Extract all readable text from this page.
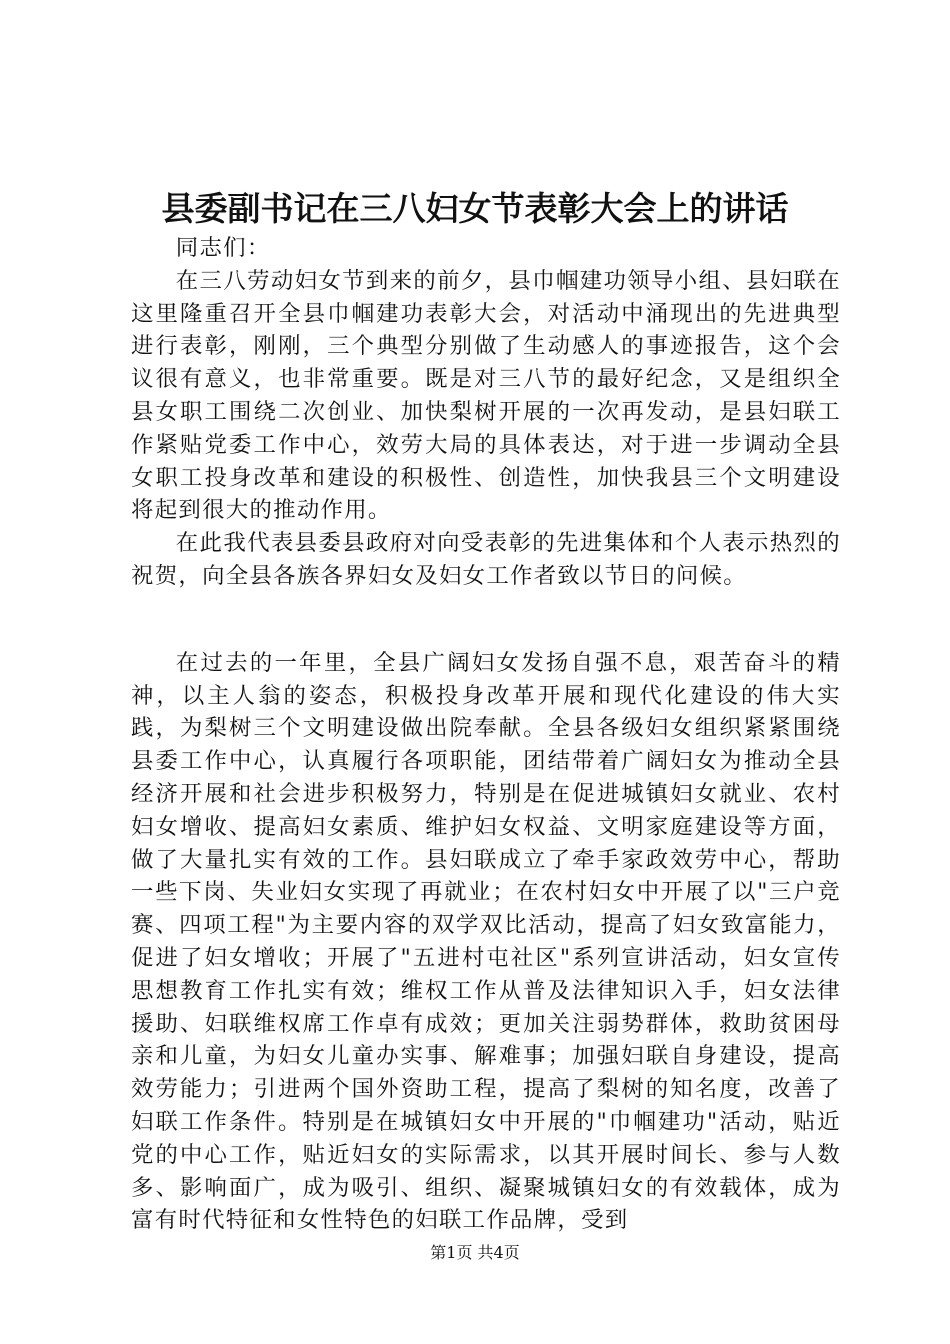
县委副书记在三八妇女节表彰大会上的讲话

同志们：

在三八劳动妇女节到来的前夕，县巾帼建功领导小组、县妇联在这里隆重召开全县巾帼建功表彰大会，对活动中涌现出的先进典型进行表彰，刚刚，三个典型分别做了生动感人的事迹报告，这个会议很有意义，也非常重要。既是对三八节的最好纪念，又是组织全县女职工围绕二次创业、加快梨树开展的一次再发动，是县妇联工作紧贴党委工作中心，效劳大局的具体表达，对于进一步调动全县女职工投身改革和建设的积极性、创造性，加快我县三个文明建设将起到很大的推动作用。

在此我代表县委县政府对向受表彰的先进集体和个人表示热烈的祝贺，向全县各族各界妇女及妇女工作者致以节日的问候。

在过去的一年里，全县广阔妇女发扬自强不息，艰苦奋斗的精神，以主人翁的姿态，积极投身改革开展和现代化建设的伟大实践，为梨树三个文明建设做出院奉献。全县各级妇女组织紧紧围绕县委工作中心，认真履行各项职能，团结带着广阔妇女为推动全县经济开展和社会进步积极努力，特别是在促进城镇妇女就业、农村妇女增收、提高妇女素质、维护妇女权益、文明家庭建设等方面，做了大量扎实有效的工作。县妇联成立了牵手家政效劳中心，帮助一些下岗、失业妇女实现了再就业；在农村妇女中开展了以"三户竞赛、四项工程"为主要内容的双学双比活动，提高了妇女致富能力，促进了妇女增收；开展了"五进村屯社区"系列宣讲活动，妇女宣传思想教育工作扎实有效；维权工作从普及法律知识入手，妇女法律援助、妇联维权席工作卓有成效；更加关注弱势群体，救助贫困母亲和儿童，为妇女儿童办实事、解难事；加强妇联自身建设，提高效劳能力；引进两个国外资助工程，提高了梨树的知名度，改善了妇联工作条件。特别是在城镇妇女中开展的"巾帼建功"活动，贴近党的中心工作，贴近妇女的实际需求，以其开展时间长、参与人数多、影响面广，成为吸引、组织、凝聚城镇妇女的有效载体，成为富有时代特征和女性特色的妇联工作品牌，受到

第1页 共4页
